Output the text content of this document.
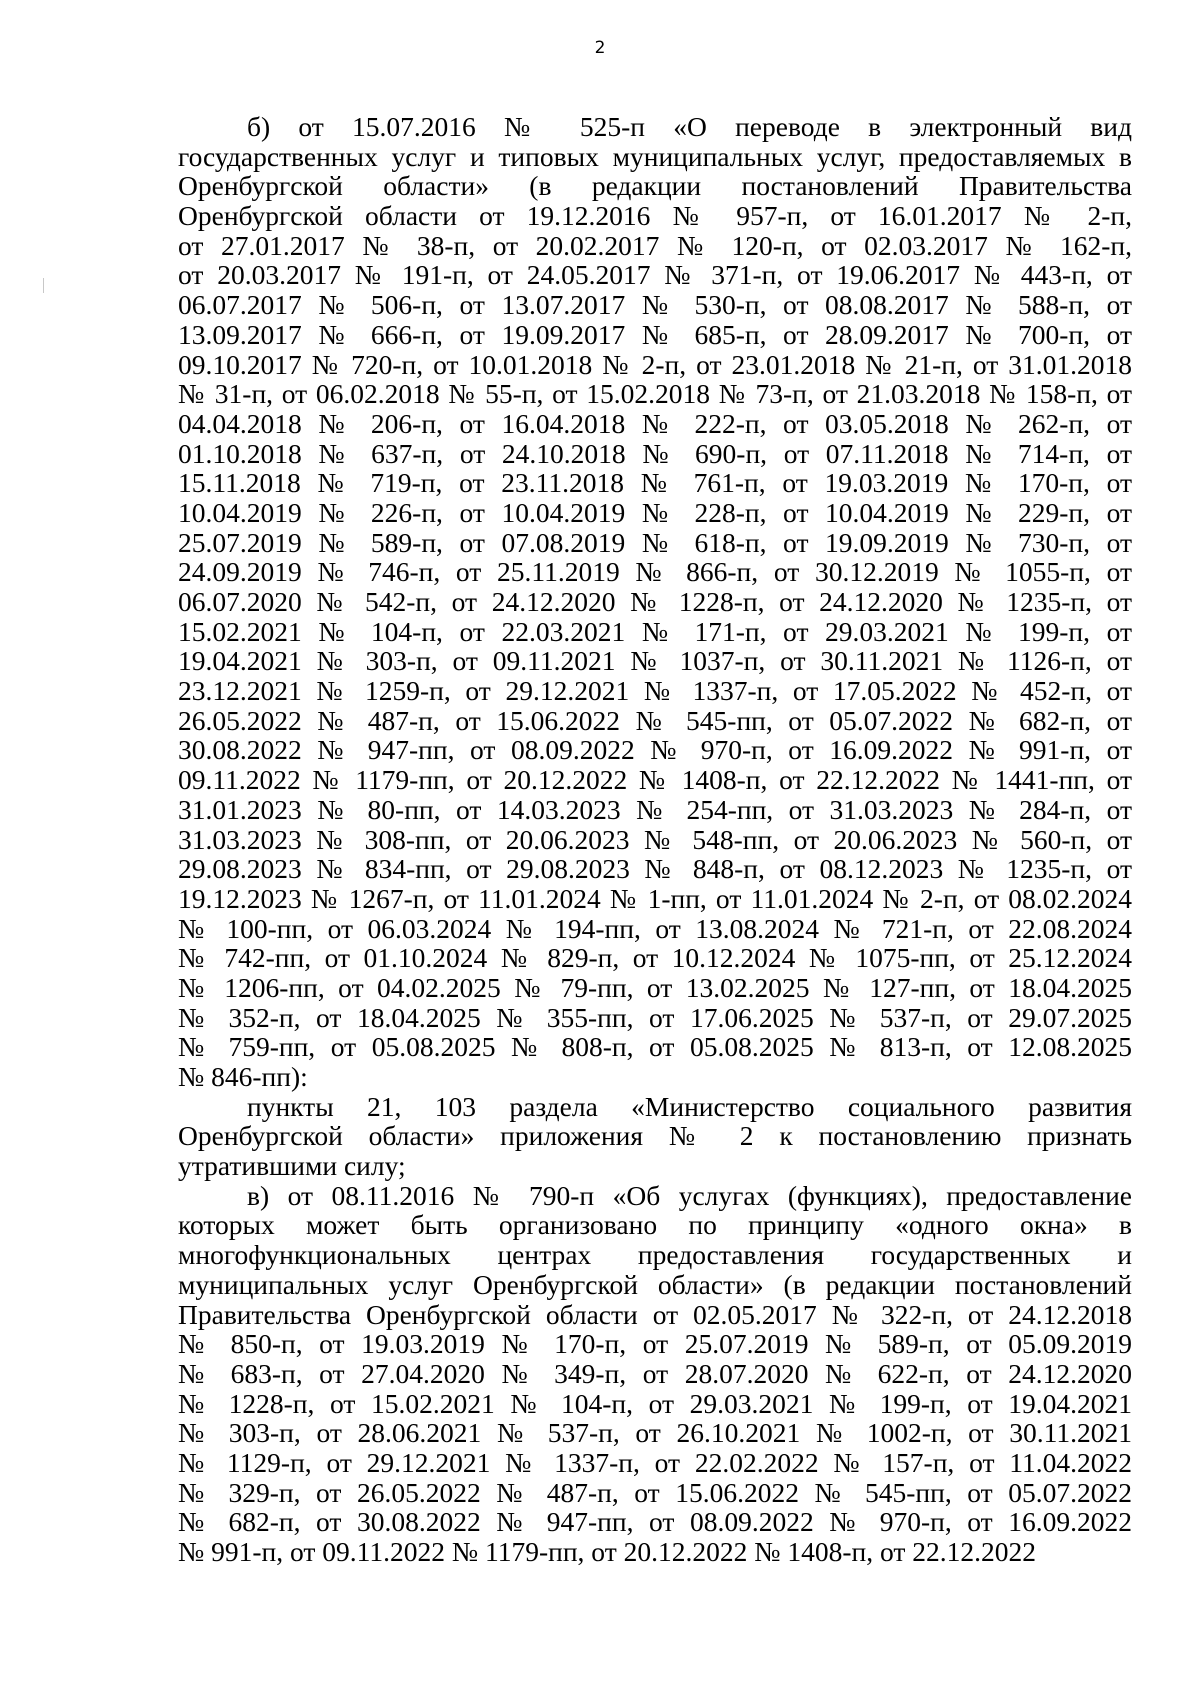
2
б) от 15.07.2016 № 525-п «О переводе в электронный вид
государственных услуг и типовых муниципальных услуг, предоставляемых в
Оренбургской области» (в редакции постановлений Правительства
Оренбургской области от 19.12.2016 № 957-п, от 16.01.2017 № 2-п,
от 27.01.2017 № 38-п, от 20.02.2017 № 120-п, от 02.03.2017 № 162-п,
от 20.03.2017 № 191-п, от 24.05.2017 № 371-п, от 19.06.2017 № 443-п, от
06.07.2017 № 506-п, от 13.07.2017 № 530-п, от 08.08.2017 № 588-п, от
13.09.2017 № 666-п, от 19.09.2017 № 685-п, от 28.09.2017 № 700-п, от
09.10.2017 № 720-п, от 10.01.2018 № 2-п, от 23.01.2018 № 21-п, от 31.01.2018
№ 31-п, от 06.02.2018 № 55-п, от 15.02.2018 № 73-п, от 21.03.2018 № 158-п, от
04.04.2018 № 206-п, от 16.04.2018 № 222-п, от 03.05.2018 № 262-п, от
01.10.2018 № 637-п, от 24.10.2018 № 690-п, от 07.11.2018 № 714-п, от
15.11.2018 № 719-п, от 23.11.2018 № 761-п, от 19.03.2019 № 170-п, от
10.04.2019 № 226-п, от 10.04.2019 № 228-п, от 10.04.2019 № 229-п, от
25.07.2019 № 589-п, от 07.08.2019 № 618-п, от 19.09.2019 № 730-п, от
24.09.2019 № 746-п, от 25.11.2019 № 866-п, от 30.12.2019 № 1055-п, от
06.07.2020 № 542-п, от 24.12.2020 № 1228-п, от 24.12.2020 № 1235-п, от
15.02.2021 № 104-п, от 22.03.2021 № 171-п, от 29.03.2021 № 199-п, от
19.04.2021 № 303-п, от 09.11.2021 № 1037-п, от 30.11.2021 № 1126-п, от
23.12.2021 № 1259-п, от 29.12.2021 № 1337-п, от 17.05.2022 № 452-п, от
26.05.2022 № 487-п, от 15.06.2022 № 545-пп, от 05.07.2022 № 682-п, от
30.08.2022 № 947-пп, от 08.09.2022 № 970-п, от 16.09.2022 № 991-п, от
09.11.2022 № 1179-пп, от 20.12.2022 № 1408-п, от 22.12.2022 № 1441-пп, от
31.01.2023 № 80-пп, от 14.03.2023 № 254-пп, от 31.03.2023 № 284-п, от
31.03.2023 № 308-пп, от 20.06.2023 № 548-пп, от 20.06.2023 № 560-п, от
29.08.2023 № 834-пп, от 29.08.2023 № 848-п, от 08.12.2023 № 1235-п, от
19.12.2023 № 1267-п, от 11.01.2024 № 1-пп, от 11.01.2024 № 2-п, от 08.02.2024
№ 100-пп, от 06.03.2024 № 194-пп, от 13.08.2024 № 721-п, от 22.08.2024
№ 742-пп, от 01.10.2024 № 829-п, от 10.12.2024 № 1075-пп, от 25.12.2024
№ 1206-пп, от 04.02.2025 № 79-пп, от 13.02.2025 № 127-пп, от 18.04.2025
№ 352-п, от 18.04.2025 № 355-пп, от 17.06.2025 № 537-п, от 29.07.2025
№ 759-пп, от 05.08.2025 № 808-п, от 05.08.2025 № 813-п, от 12.08.2025
№ 846-пп):
пункты 21, 103 раздела «Министерство социального развития
Оренбургской области» приложения № 2 к постановлению признать
утратившими силу;
в) от 08.11.2016 № 790-п «Об услугах (функциях), предоставление
которых может быть организовано по принципу «одного окна» в
многофункциональных центрах предоставления государственных и
муниципальных услуг Оренбургской области» (в редакции постановлений
Правительства Оренбургской области от 02.05.2017 № 322-п, от 24.12.2018
№ 850-п, от 19.03.2019 № 170-п, от 25.07.2019 № 589-п, от 05.09.2019
№ 683-п, от 27.04.2020 № 349-п, от 28.07.2020 № 622-п, от 24.12.2020
№ 1228-п, от 15.02.2021 № 104-п, от 29.03.2021 № 199-п, от 19.04.2021
№ 303-п, от 28.06.2021 № 537-п, от 26.10.2021 № 1002-п, от 30.11.2021
№ 1129-п, от 29.12.2021 № 1337-п, от 22.02.2022 № 157-п, от 11.04.2022
№ 329-п, от 26.05.2022 № 487-п, от 15.06.2022 № 545-пп, от 05.07.2022
№ 682-п, от 30.08.2022 № 947-пп, от 08.09.2022 № 970-п, от 16.09.2022
№ 991-п, от 09.11.2022 № 1179-пп, от 20.12.2022 № 1408-п, от 22.12.2022
